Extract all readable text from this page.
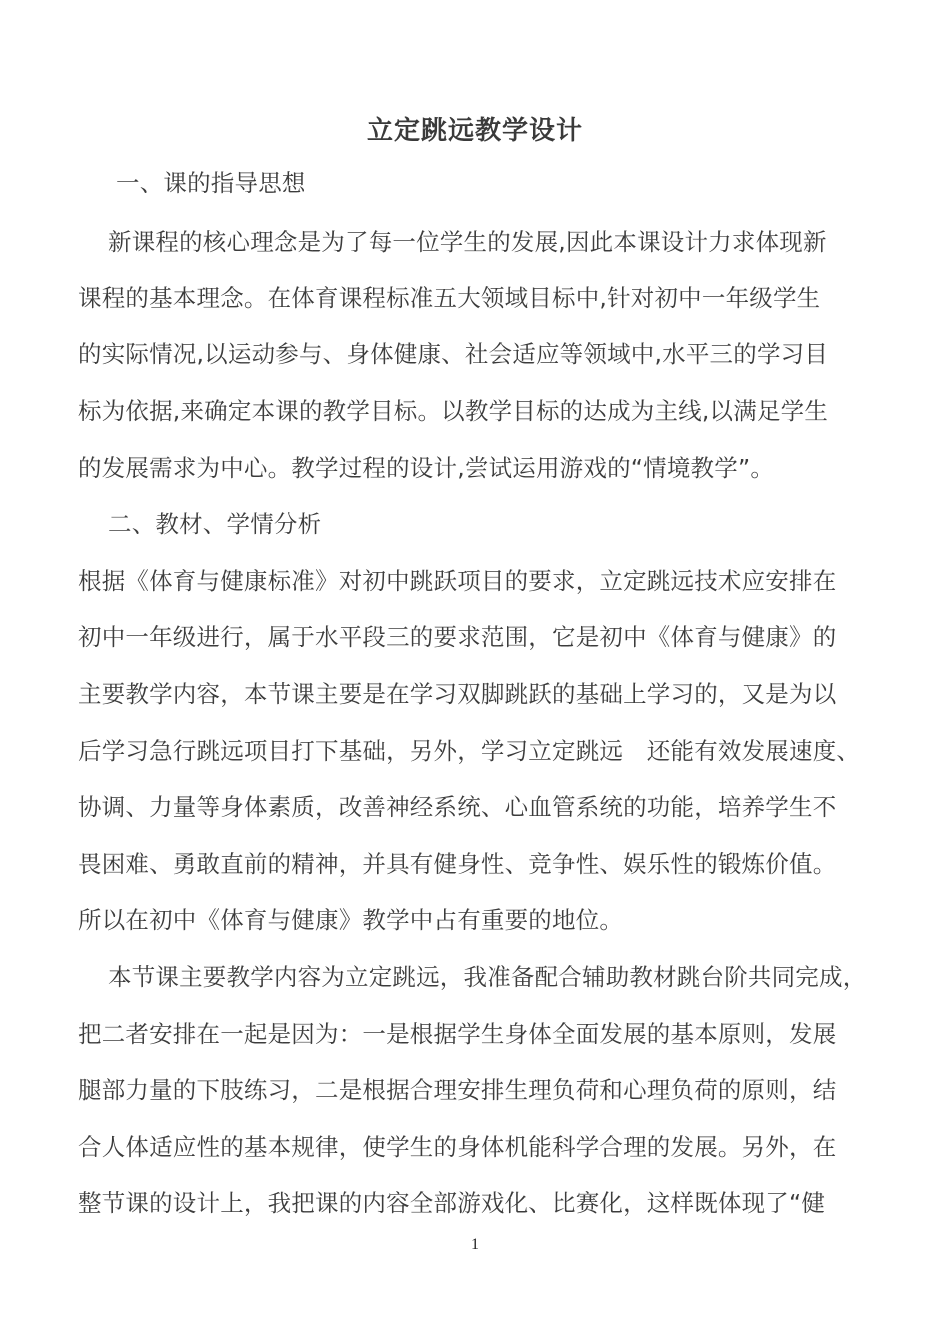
立定跳远教学设计
一、课的指导思想
新课程的核心理念是为了每一位学生的发展,因此本课设计力求体现新
课程的基本理念。在体育课程标准五大领域目标中,针对初中一年级学生
的实际情况,以运动参与、身体健康、社会适应等领域中,水平三的学习目
标为依据,来确定本课的教学目标。以教学目标的达成为主线,以满足学生
的发展需求为中心。教学过程的设计,尝试运用游戏的“情境教学”。
二、教材、学情分析
根据《体育与健康标准》对初中跳跃项目的要求，立定跳远技术应安排在
初中一年级进行，属于水平段三的要求范围，它是初中《体育与健康》的
主要教学内容，本节课主要是在学习双脚跳跃的基础上学习的，又是为以
后学习急行跳远项目打下基础，另外，学习立定跳远　还能有效发展速度、
协调、力量等身体素质，改善神经系统、心血管系统的功能，培养学生不
畏困难、勇敢直前的精神，并具有健身性、竞争性、娱乐性的锻炼价值。
所以在初中《体育与健康》教学中占有重要的地位。
本节课主要教学内容为立定跳远，我准备配合辅助教材跳台阶共同完成，
把二者安排在一起是因为：一是根据学生身体全面发展的基本原则，发展
腿部力量的下肢练习，二是根据合理安排生理负荷和心理负荷的原则，结
合人体适应性的基本规律，使学生的身体机能科学合理的发展。另外，在
整节课的设计上，我把课的内容全部游戏化、比赛化，这样既体现了“健
1
